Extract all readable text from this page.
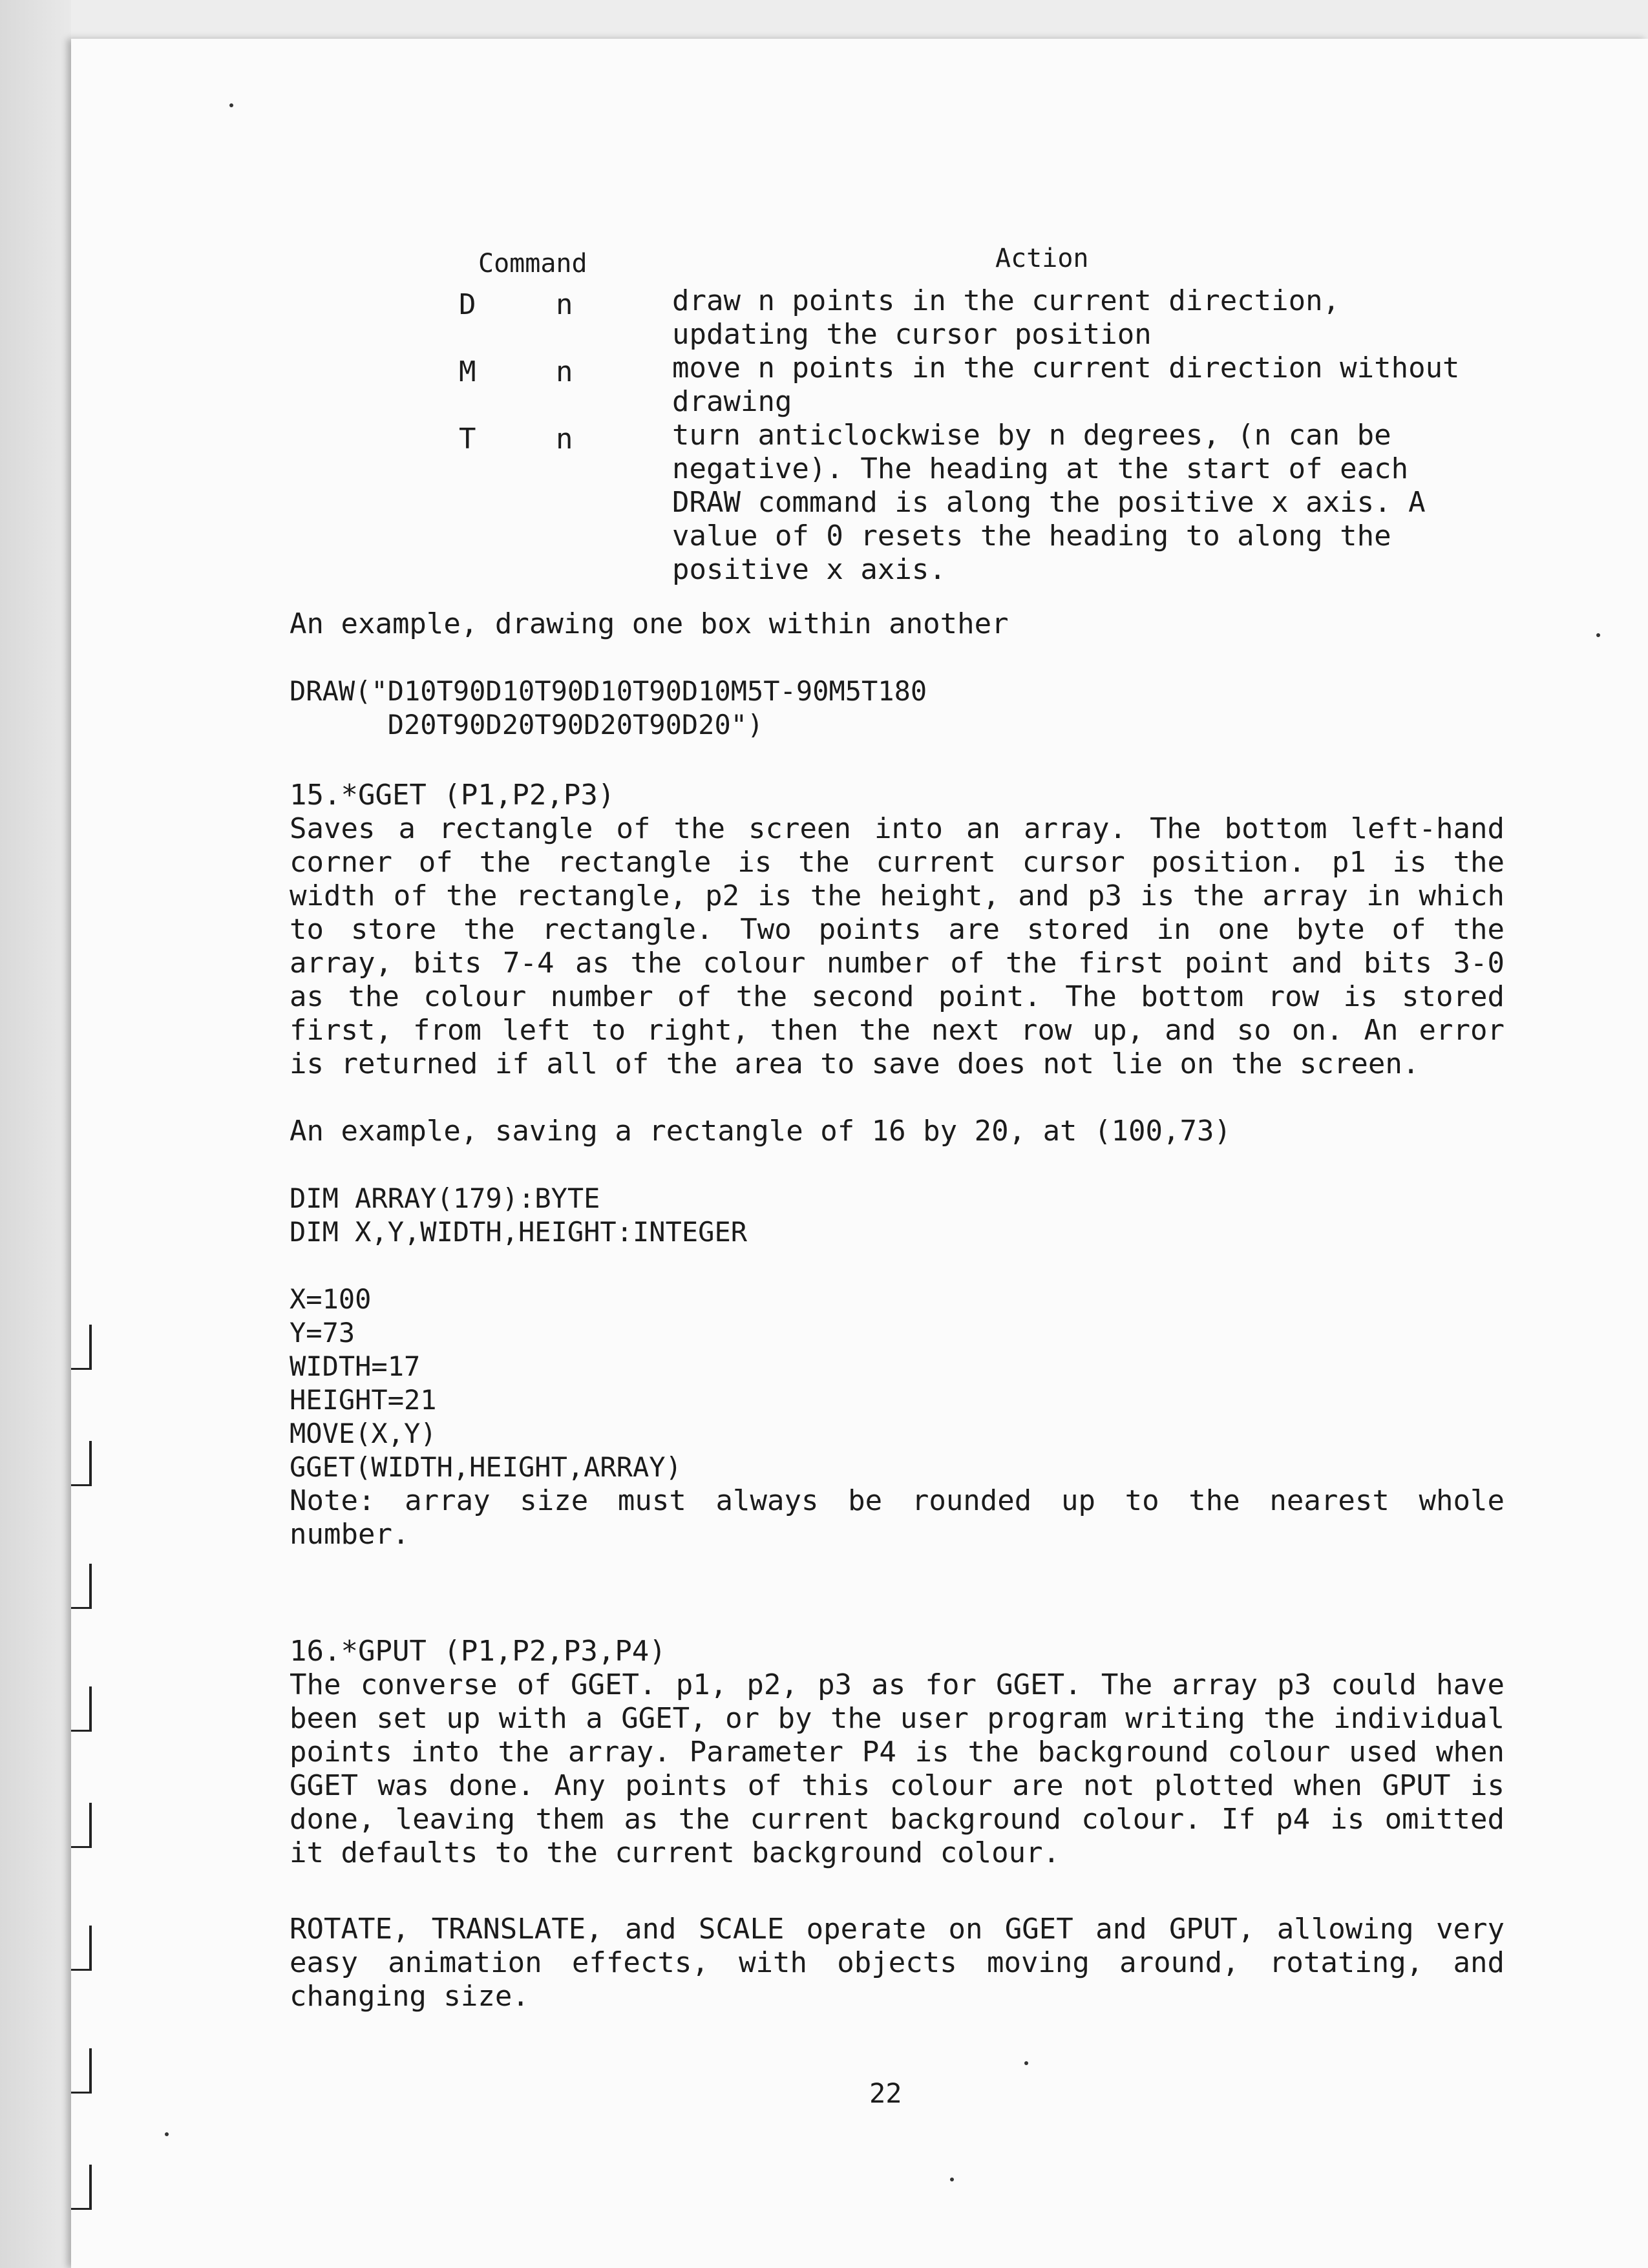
Command	Action
D	n	draw n points in the current direction, updating the cursor position
M	n	move n points in the current direction without drawing
T	n	turn anticlockwise by n degrees, (n can be negative). The heading at the start of each DRAW command is along the positive x axis. A value of 0 resets the heading to along the positive x axis.

An example, drawing one box within another

DRAW("D10T90D10T90D10T90D10M5T-90M5T180
D20T90D20T90D20T90D20")

15.*GGET (P1,P2,P3)

Saves a rectangle of the screen into an array. The bottom left-hand corner of the rectangle is the current cursor position. p1 is the width of the rectangle, p2 is the height, and p3 is the array in which to store the rectangle. Two points are stored in one byte of the array, bits 7-4 as the colour number of the first point and bits 3-0 as the colour number of the second point. The bottom row is stored first, from left to right, then the next row up, and so on. An error is returned if all of the area to save does not lie on the screen.

An example, saving a rectangle of 16 by 20, at (100,73)

DIM ARRAY(179):BYTE
DIM X,Y,WIDTH,HEIGHT:INTEGER
X=100
Y=73
WIDTH=17
HEIGHT=21
MOVE(X,Y)
GGET(WIDTH,HEIGHT,ARRAY)

Note: array size must always be rounded up to the nearest whole number.

16.*GPUT (P1,P2,P3,P4)

The converse of GGET. p1, p2, p3 as for GGET. The array p3 could have been set up with a GGET, or by the user program writing the individual points into the array. Parameter P4 is the background colour used when GGET was done. Any points of this colour are not plotted when GPUT is done, leaving them as the current background colour. If p4 is omitted it defaults to the current background colour.

ROTATE, TRANSLATE, and SCALE operate on GGET and GPUT, allowing very easy animation effects, with objects moving around, rotating, and changing size.

22
